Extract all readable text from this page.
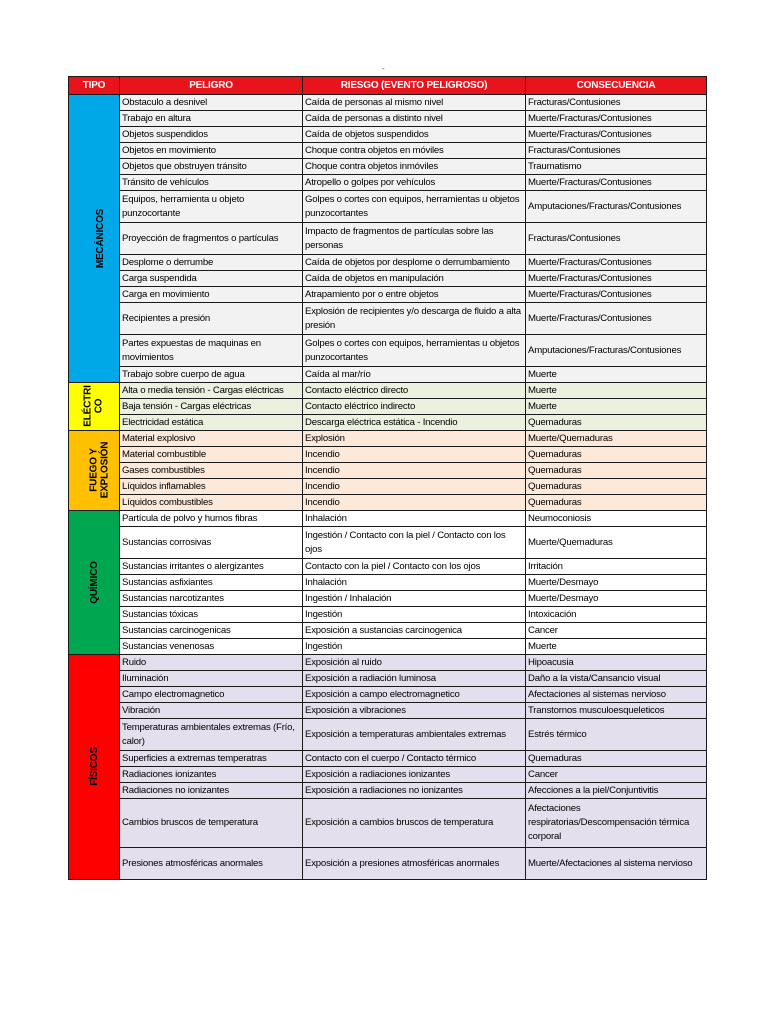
-
TIPO	PELIGRO	RIESGO (EVENTO PELIGROSO)	CONSECUENCIA
MECÁNICOS	Obstaculo a desnivel	Caída de personas al mismo nivel	Fracturas/Contusiones
	Trabajo en altura	Caída de personas a distinto nivel	Muerte/Fracturas/Contusiones
	Objetos suspendidos	Caída de objetos suspendidos	Muerte/Fracturas/Contusiones
	Objetos en movimiento	Choque contra objetos en móviles	Fracturas/Contusiones
	Objetos que obstruyen tránsito	Choque contra objetos inmóviles	Traumatismo
	Tránsito de vehículos	Atropello o golpes por vehículos	Muerte/Fracturas/Contusiones
	Equipos, herramienta u objeto punzocortante	Golpes o cortes con equipos, herramientas u objetos punzocortantes	Amputaciones/Fracturas/Contusiones
	Proyección de fragmentos o partículas	Impacto de fragmentos de partículas sobre las personas	Fracturas/Contusiones
	Desplome o derrumbe	Caída de objetos por desplome o derrumbamiento	Muerte/Fracturas/Contusiones
	Carga suspendida	Caída de objetos en manipulación	Muerte/Fracturas/Contusiones
	Carga en movimiento	Atrapamiento por o entre objetos	Muerte/Fracturas/Contusiones
	Recipientes a presión	Explosión de recipientes y/o descarga de fluido a alta presión	Muerte/Fracturas/Contusiones
	Partes expuestas de maquinas en movimientos	Golpes o cortes con equipos, herramientas u objetos punzocortantes	Amputaciones/Fracturas/Contusiones
	Trabajo sobre cuerpo de agua	Caída al mar/río	Muerte
ELÉCTRI
CO	Alta o media tensión - Cargas eléctricas	Contacto eléctrico directo	Muerte
	Baja tensión - Cargas eléctricas	Contacto eléctrico indirecto	Muerte
	Electricidad estática	Descarga eléctrica estática - Incendio	Quemaduras
FUEGO Y
EXPLOSIÓN	Material explosivo	Explosión	Muerte/Quemaduras
	Material combustible	Incendio	Quemaduras
	Gases combustibles	Incendio	Quemaduras
	Líquidos inflamables	Incendio	Quemaduras
	Líquidos combustibles	Incendio	Quemaduras
QUÍMICO	Partícula de polvo y humos fibras	Inhalación	Neumoconiosis
	Sustancias corrosivas	Ingestión / Contacto con la piel / Contacto con los ojos	Muerte/Quemaduras
	Sustancias irritantes o alergizantes	Contacto con la piel / Contacto con los ojos	Irritación
	Sustancias asfixiantes	Inhalación	Muerte/Desmayo
	Sustancias narcotizantes	Ingestión / Inhalación	Muerte/Desmayo
	Sustancias tóxicas	Ingestión	Intoxicación
	Sustancias carcinogenicas	Exposición a sustancias carcinogenica	Cancer
	Sustancias venenosas	Ingestión	Muerte
FÍSICOS	Ruido	Exposición al ruido	Hipoacusia
	Iluminación	Exposición a radiación luminosa	Daño a la vista/Cansancio visual
	Campo electromagnetico	Exposición a campo electromagnetico	Afectaciones al sistemas nervioso
	Vibración	Exposición a vibraciones	Transtornos musculoesqueleticos
	Temperaturas ambientales extremas (Frío, calor)	Exposición a temperaturas ambientales extremas	Estrés térmico
	Superficies a extremas temperatras	Contacto con el cuerpo / Contacto térmico	Quemaduras
	Radiaciones ionizantes	Exposición a radiaciones ionizantes	Cancer
	Radiaciones no ionizantes	Exposición a radiaciones no ionizantes	Afecciones a la piel/Conjuntivitis
	Cambios bruscos de temperatura	Exposición a cambios bruscos de temperatura	Afectaciones respiratorias/Descompensación térmica corporal
	Presiones atmosféricas anormales	Exposición a presiones atmosféricas anormales	Muerte/Afectaciones al sistema nervioso
